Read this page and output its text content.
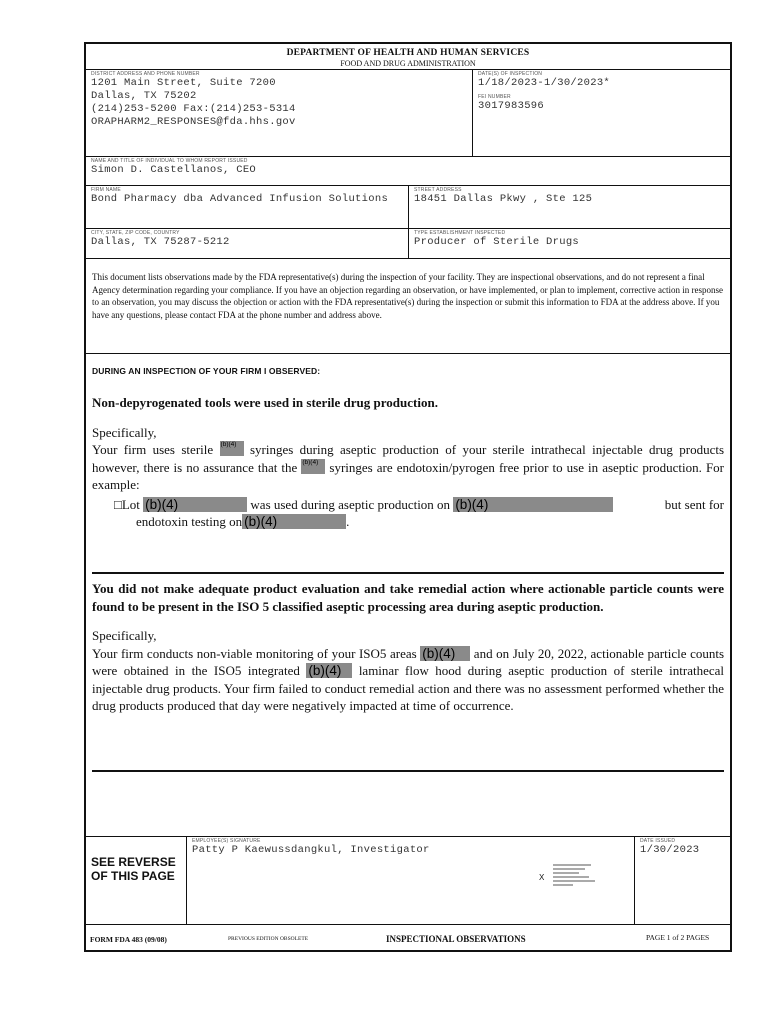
DEPARTMENT OF HEALTH AND HUMAN SERVICES
FOOD AND DRUG ADMINISTRATION
DISTRICT ADDRESS AND PHONE NUMBER
1201 Main Street, Suite 7200
Dallas, TX 75202
(214)253-5200 Fax:(214)253-5314
ORAPHARM2_RESPONSES@fda.hhs.gov
DATE(S) OF INSPECTION
1/18/2023-1/30/2023*
FEI NUMBER
3017983596
NAME AND TITLE OF INDIVIDUAL TO WHOM REPORT ISSUED
Simon D. Castellanos, CEO
FIRM NAME
Bond Pharmacy dba Advanced Infusion Solutions
STREET ADDRESS
18451 Dallas Pkwy , Ste 125
CITY, STATE, ZIP CODE, COUNTRY
Dallas, TX 75287-5212
TYPE ESTABLISHMENT INSPECTED
Producer of Sterile Drugs
This document lists observations made by the FDA representative(s) during the inspection of your facility. They are inspectional observations, and do not represent a final Agency determination regarding your compliance. If you have an objection regarding an observation, or have implemented, or plan to implement, corrective action in response to an observation, you may discuss the objection or action with the FDA representative(s) during the inspection or submit this information to FDA at the address above. If you have any questions, please contact FDA at the phone number and address above.
DURING AN INSPECTION OF YOUR FIRM I OBSERVED:
Non-depyrogenated tools were used in sterile drug production.
Specifically,
Your firm uses sterile (b)(4) syringes during aseptic production of your sterile intrathecal injectable drug products however, there is no assurance that the (b)(4) syringes are endotoxin/pyrogen free prior to use in aseptic production. For example:
□Lot (b)(4)	was used during aseptic production on (b)(4)	but sent for
endotoxin testing on (b)(4)	.
You did not make adequate product evaluation and take remedial action where actionable particle counts were found to be present in the ISO 5 classified aseptic processing area during aseptic production.
Specifically,
Your firm conducts non-viable monitoring of your ISO5 areas (b)(4) and on July 20, 2022, actionable particle counts were obtained in the ISO5 integrated (b)(4) laminar flow hood during aseptic production of sterile intrathecal injectable drug products. Your firm failed to conduct remedial action and there was no assessment performed whether the drug products produced that day were negatively impacted at time of occurrence.
SEE REVERSE
OF THIS PAGE
EMPLOYEE(S) SIGNATURE
Patty P Kaewussdangkul, Investigator
X
DATE ISSUED
1/30/2023
FORM FDA 483 (09/08)	PREVIOUS EDITION OBSOLETE	INSPECTIONAL OBSERVATIONS	PAGE 1 of 2 PAGES
